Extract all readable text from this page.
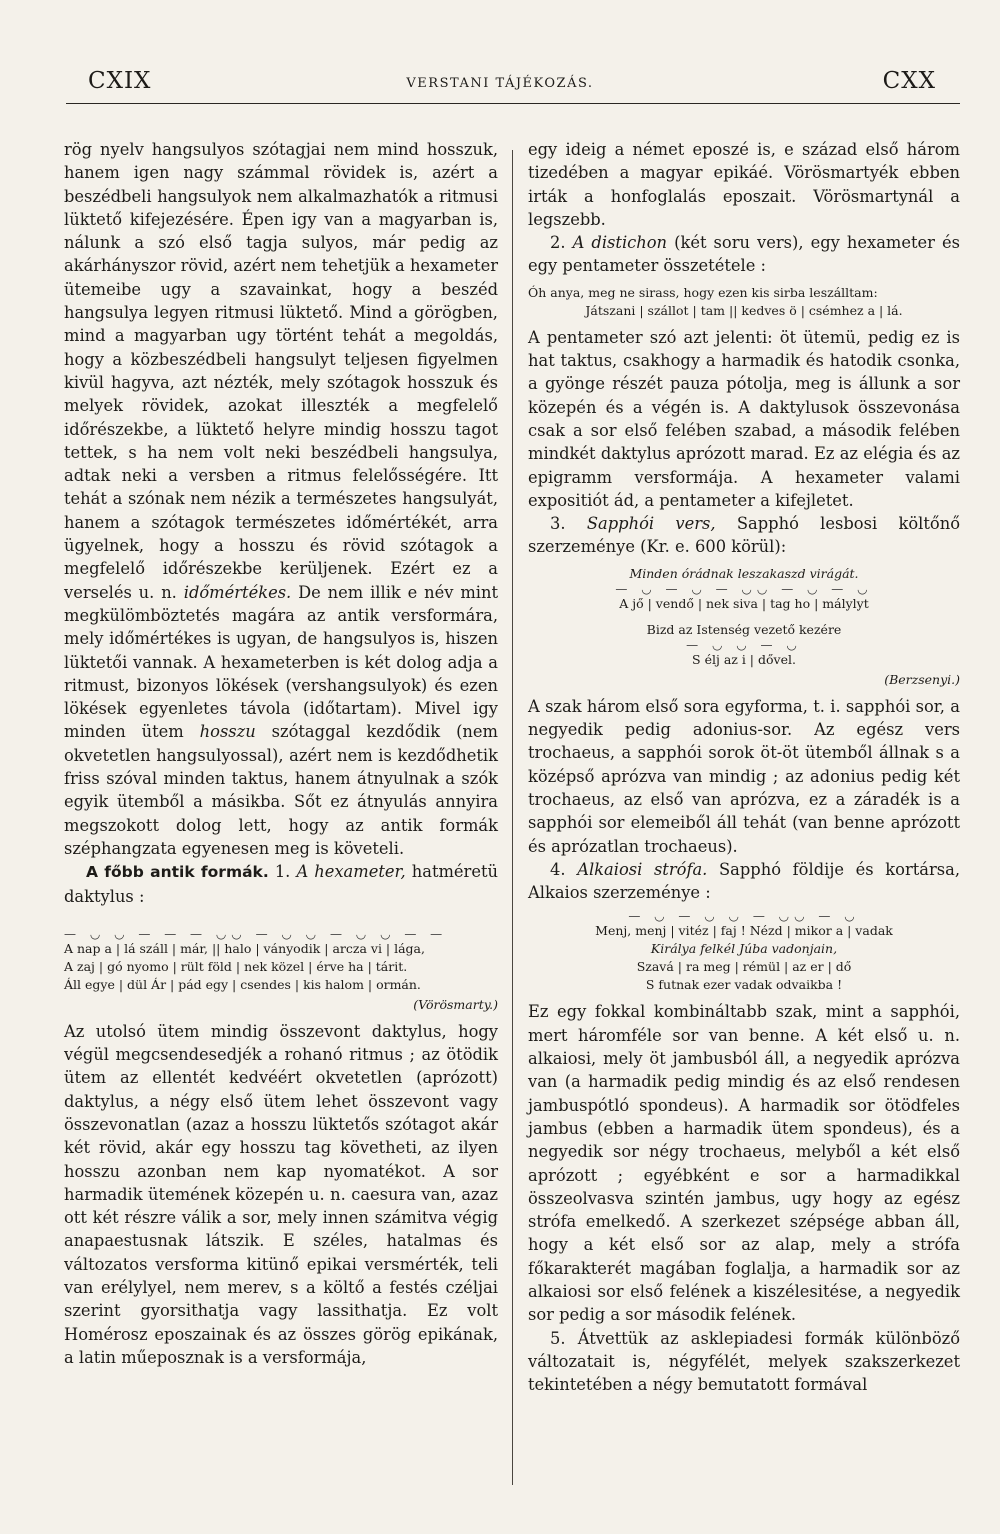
CXIX	VERSTANI TÁJÉKOZÁS.	CXX

rög nyelv hangsulyos szótagjai nem mind hosszuk, hanem igen nagy számmal rövidek is, azért a beszédbeli hangsulyok nem alkalmazhatók a ritmusi lüktető kifejezésére. Épen igy van a magyarban is, nálunk a szó első tagja sulyos, már pedig az akárhányszor rövid, azért nem tehetjük a hexameter ütemeibe ugy a szavainkat, hogy a beszéd hangsulya legyen ritmusi lüktető. Mind a görögben, mind a magyarban ugy történt tehát a megoldás, hogy a közbeszédbeli hangsulyt teljesen figyelmen kivül hagyva, azt nézték, mely szótagok hosszuk és melyek rövidek, azokat illeszték a megfelelő időrészekbe, a lüktető helyre mindig hosszu tagot tettek, s ha nem volt neki beszédbeli hangsulya, adtak neki a versben a ritmus felelősségére. Itt tehát a szónak nem nézik a természetes hangsulyát, hanem a szótagok természetes időmértékét, arra ügyelnek, hogy a hosszu és rövid szótagok a megfelelő időrészekbe kerüljenek. Ezért ez a verselés u. n. időmértékes. De nem illik e név mint megkülömböztetés magára az antik versformára, mely időmértékes is ugyan, de hangsulyos is, hiszen lüktetői vannak. A hexameterben is két dolog adja a ritmust, bizonyos lökések (vershangsulyok) és ezen lökések egyenletes távola (időtartam). Mivel igy minden ütem hosszu szótaggal kezdődik (nem okvetetlen hangsulyossal), azért nem is kezdődhetik friss szóval minden taktus, hanem átnyulnak a szók egyik ütemből a másikba. Sőt ez átnyulás annyira megszokott dolog lett, hogy az antik formák széphangzata egyenesen meg is követeli.

A főbb antik formák. 1. A hexameter, hatméretü daktylus :

— ◡ ◡ — — — ◡◡ — ◡ ◡ — ◡ ◡ — —
A nap a | lá száll | már, || halo | ványodik | arcza vi | lága,
A zaj | gó nyomo | rült föld | nek közel | érve ha | tárit.
Áll egye | dül Ár | pád egy | csendes | kis halom | ormán.
(Vörösmarty.)

Az utolsó ütem mindig összevont daktylus, hogy végül megcsendesedjék a rohanó ritmus ; az ötödik ütem az ellentét kedvéért okvetetlen (aprózott) daktylus, a négy első ütem lehet összevont vagy összevonatlan (azaz a hosszu lüktetős szótagot akár két rövid, akár egy hosszu tag követheti, az ilyen hosszu azonban nem kap nyomatékot. A sor harmadik ütemének közepén u. n. caesura van, azaz ott két részre válik a sor, mely innen számitva végig anapaestusnak látszik. E széles, hatalmas és változatos versforma kitünő epikai versmérték, teli van erélylyel, nem merev, s a költő a festés czéljai szerint gyorsithatja vagy lassithatja. Ez volt Homérosz eposzainak és az összes görög epikának, a latin műeposznak is a versformája,

egy ideig a német eposzé is, e század első három tizedében a magyar epikáé. Vörösmartyék ebben irták a honfoglalás eposzait. Vörösmartynál a legszebb.

2. A distichon (két soru vers), egy hexameter és egy pentameter összetétele :

Óh anya, meg ne sirass, hogy ezen kis sirba leszálltam:
Játszani | szállot | tam || kedves ö | csémhez a | lá.

A pentameter szó azt jelenti: öt ütemü, pedig ez is hat taktus, csakhogy a harmadik és hatodik csonka, a gyönge részét pauza pótolja, meg is állunk a sor közepén és a végén is. A daktylusok összevonása csak a sor első felében szabad, a második felében mindkét daktylus aprózott marad. Ez az elégia és az epigramm versformája. A hexameter valami expositiót ád, a pentameter a kifejletet.

3. Sapphói vers, Sapphó lesbosi költőnő szerzeménye (Kr. e. 600 körül):

Minden órádnak leszakaszd virágát.
— ◡ — ◡ — ◡◡ — ◡ — ◡
A jő | vendő | nek siva | tag ho | málylyt
Bizd az Istenség vezető kezére
— ◡ ◡ — ◡
S élj az i | dővel.
(Berzsenyi.)

A szak három első sora egyforma, t. i. sapphói sor, a negyedik pedig adonius-sor. Az egész vers trochaeus, a sapphói sorok öt-öt ütemből állnak s a középső aprózva van mindig ; az adonius pedig két trochaeus, az első van aprózva, ez a záradék is a sapphói sor elemeiből áll tehát (van benne aprózott és aprózatlan trochaeus).

4. Alkaiosi strófa. Sapphó földije és kortársa, Alkaios szerzeménye :

— ◡ — ◡ ◡ — ◡◡ — ◡
Menj, menj | vitéz | faj ! Nézd | mikor a | vadak
Királya felkél Júba vadonjain,
Szavá | ra meg | rémül | az er | dő
S futnak ezer vadak odvaikba !

Ez egy fokkal kombináltabb szak, mint a sapphói, mert háromféle sor van benne. A két első u. n. alkaiosi, mely öt jambusból áll, a negyedik aprózva van (a harmadik pedig mindig és az első rendesen jambuspótló spondeus). A harmadik sor ötödfeles jambus (ebben a harmadik ütem spondeus), és a negyedik sor négy trochaeus, melyből a két első aprózott ; egyébként e sor a harmadikkal összeolvasva szintén jambus, ugy hogy az egész strófa emelkedő. A szerkezet szépsége abban áll, hogy a két első sor az alap, mely a strófa főkarakterét magában foglalja, a harmadik sor az alkaiosi sor első felének a kiszélesitése, a negyedik sor pedig a sor második felének.

5. Átvettük az asklepiadesi formák különböző változatait is, négyfélét, melyek szakszerkezet tekintetében a négy bemutatott formával
